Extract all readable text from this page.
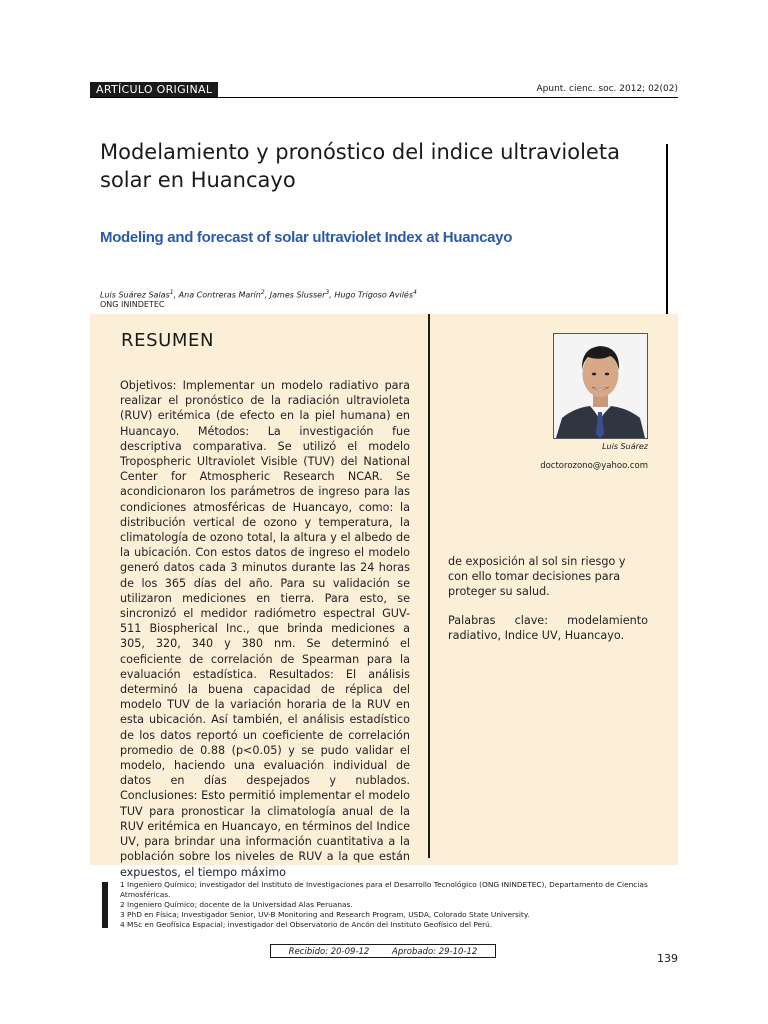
ARTÍCULO ORIGINAL	Apunt. cienc. soc. 2012; 02(02)
Modelamiento y pronóstico del indice ultravioleta solar en Huancayo
Modeling and forecast of solar ultraviolet Index at Huancayo
Luis Suárez Salas$^1$, Ana Contreras Marín$^2$, James Slusser$^3$, Hugo Trigoso Avilés$^4$
ONG ININDETEC
RESUMEN

Objetivos: Implementar un modelo radiativo para realizar el pronóstico de la radiación ultravioleta (RUV) eritémica (de efecto en la piel humana) en Huancayo. Métodos: La investigación fue descriptiva comparativa. Se utilizó el modelo Tropospheric Ultraviolet Visible (TUV) del National Center for Atmospheric Research NCAR. Se acondicionaron los parámetros de ingreso para las condiciones atmosféricas de Huancayo, como: la distribución vertical de ozono y temperatura, la climatología de ozono total, la altura y el albedo de la ubicación. Con estos datos de ingreso el modelo generó datos cada 3 minutos durante las 24 horas de los 365 días del año. Para su validación se utilizaron mediciones en tierra. Para esto, se sincronizó el medidor radiómetro espectral GUV-511 Biospherical Inc., que brinda mediciones a 305, 320, 340 y 380 nm. Se determinó el coeficiente de correlación de Spearman para la evaluación estadística. Resultados: El análisis determinó la buena capacidad de réplica del modelo TUV de la variación horaria de la RUV en esta ubicación. Así también, el análisis estadístico de los datos reportó un coeficiente de correlación promedio de 0.88 (p<0.05) y se pudo validar el modelo, haciendo una evaluación individual de datos en días despejados y nublados. Conclusiones: Esto permitió implementar el modelo TUV para pronosticar la climatología anual de la RUV eritémica en Huancayo, en términos del Indice UV, para brindar una información cuantitativa a la población sobre los niveles de RUV a la que están expuestos, el tiempo máximo

Luis Suárez
doctorozono@yahoo.com

de exposición al sol sin riesgo y con ello tomar decisiones para proteger su salud.

Palabras clave: modelamiento radiativo, Indice UV, Huancayo.

1 Ingeniero Químico; investigador del Instituto de Investigaciones para el Desarrollo Tecnológico (ONG ININDETEC), Departamento de Ciencias Atmosféricas.
2 Ingeniero Químico; docente de la Universidad Alas Peruanas.
3 PhD en Física; Investigador Senior, UV-B Monitoring and Research Program, USDA, Colorado State University.
4 MSc en Geofísica Espacial; investigador del Observatorio de Ancón del Instituto Geofísico del Perú.
Recibido: 20-09-12	Aprobado: 29-10-12	139
